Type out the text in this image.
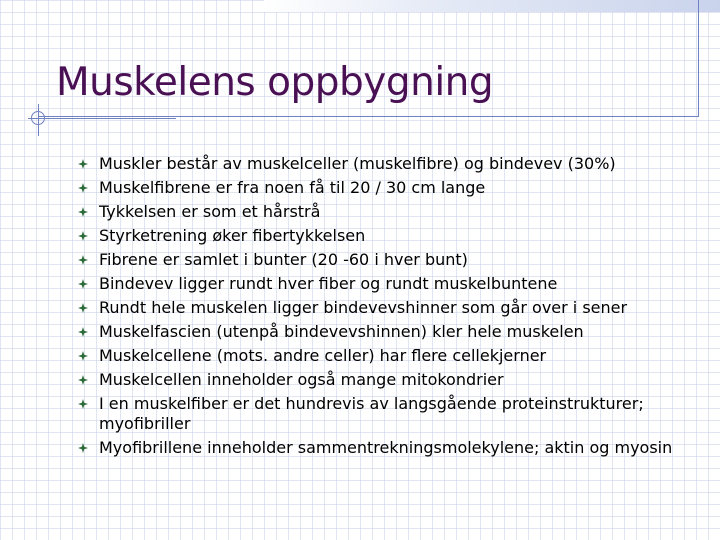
Muskelens oppbygning
Muskler består av muskelceller (muskelfibre) og bindevev (30%)
Muskelfibrene er fra noen få til 20 / 30 cm lange
Tykkelsen er som et hårstrå
Styrketrening øker fibertykkelsen
Fibrene er samlet i bunter (20 -60 i hver bunt)
Bindevev ligger rundt hver fiber og rundt muskelbuntene
Rundt hele muskelen ligger bindevevshinner som går over i sener
Muskelfascien (utenpå bindevevshinnen) kler hele muskelen
Muskelcellene (mots. andre celler) har flere cellekjerner
Muskelcellen inneholder også mange mitokondrier
I en muskelfiber er det hundrevis av langsgående proteinstrukturer; myofibriller
Myofibrillene inneholder sammentrekningsmolekylene; aktin og myosin
